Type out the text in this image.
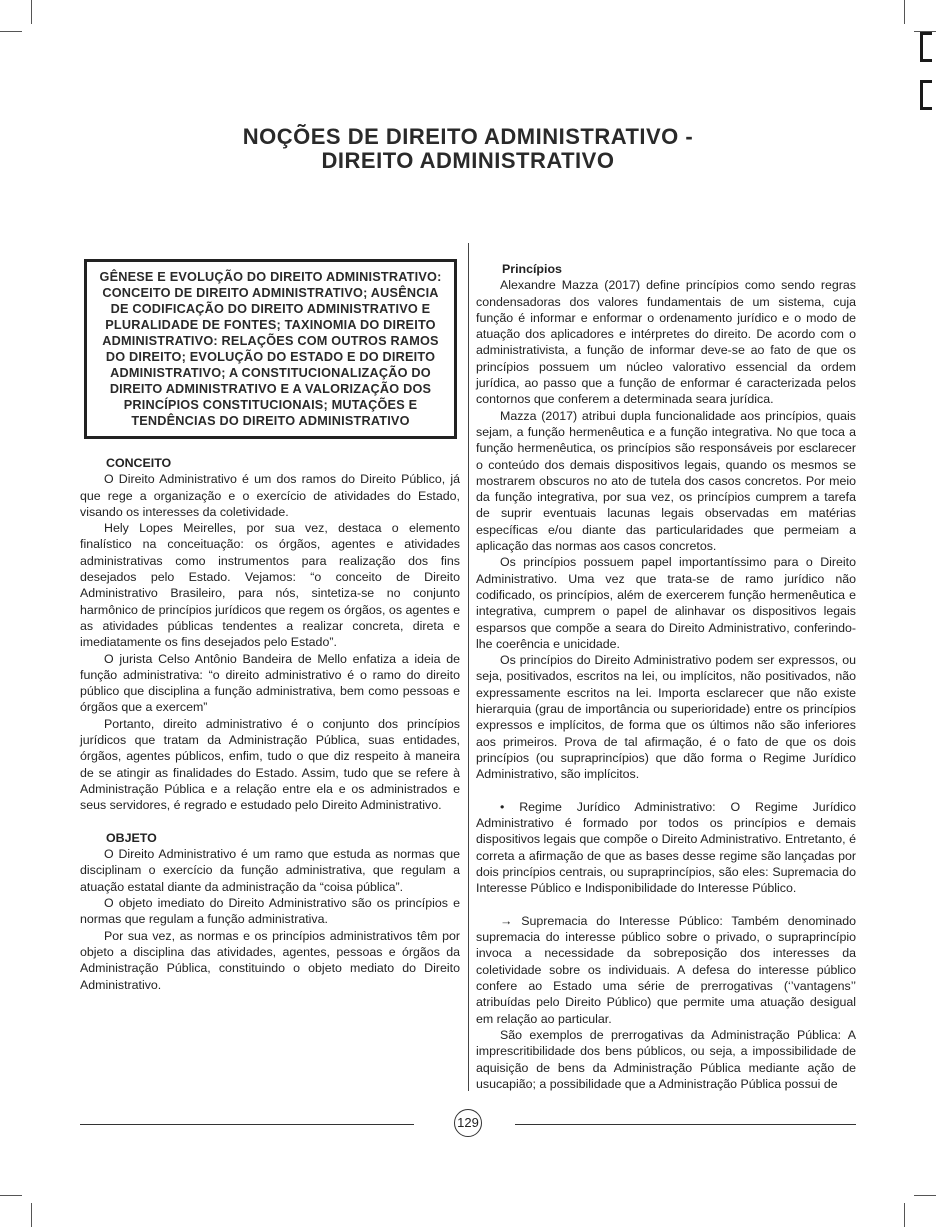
NOÇÕES DE DIREITO ADMINISTRATIVO -
DIREITO ADMINISTRATIVO
GÊNESE E EVOLUÇÃO DO DIREITO ADMINISTRATIVO: CONCEITO DE DIREITO ADMINISTRATIVO; AUSÊNCIA DE CODIFICAÇÃO DO DIREITO ADMINISTRATIVO E PLURALIDADE DE FONTES; TAXINOMIA DO DIREITO ADMINISTRATIVO: RELAÇÕES COM OUTROS RAMOS DO DIREITO; EVOLUÇÃO DO ESTADO E DO DIREITO ADMINISTRATIVO; A CONSTITUCIONALIZAÇÃO DO DIREITO ADMINISTRATIVO E A VALORIZAÇÃO DOS PRINCÍPIOS CONSTITUCIONAIS; MUTAÇÕES E TENDÊNCIAS DO DIREITO ADMINISTRATIVO

CONCEITO

O Direito Administrativo é um dos ramos do Direito Público, já que rege a organização e o exercício de atividades do Estado, visando os interesses da coletividade.

Hely Lopes Meirelles, por sua vez, destaca o elemento finalístico na conceituação: os órgãos, agentes e atividades administrativas como instrumentos para realização dos fins desejados pelo Estado. Vejamos: “o conceito de Direito Administrativo Brasileiro, para nós, sintetiza-se no conjunto harmônico de princípios jurídicos que regem os órgãos, os agentes e as atividades públicas tendentes a realizar concreta, direta e imediatamente os fins desejados pelo Estado”.

O jurista Celso Antônio Bandeira de Mello enfatiza a ideia de função administrativa: “o direito administrativo é o ramo do direito público que disciplina a função administrativa, bem como pessoas e órgãos que a exercem”

Portanto, direito administrativo é o conjunto dos princípios jurídicos que tratam da Administração Pública, suas entidades, órgãos, agentes públicos, enfim, tudo o que diz respeito à maneira de se atingir as finalidades do Estado. Assim, tudo que se refere à Administração Pública e a relação entre ela e os administrados e seus servidores, é regrado e estudado pelo Direito Administrativo.

OBJETO

O Direito Administrativo é um ramo que estuda as normas que disciplinam o exercício da função administrativa, que regulam a atuação estatal diante da administração da “coisa pública”.

O objeto imediato do Direito Administrativo são os princípios e normas que regulam a função administrativa.

Por sua vez, as normas e os princípios administrativos têm por objeto a disciplina das atividades, agentes, pessoas e órgãos da Administração Pública, constituindo o objeto mediato do Direito Administrativo.

Princípios

Alexandre Mazza (2017) define princípios como sendo regras condensadoras dos valores fundamentais de um sistema, cuja função é informar e enformar o ordenamento jurídico e o modo de atuação dos aplicadores e intérpretes do direito. De acordo com o administrativista, a função de informar deve-se ao fato de que os princípios possuem um núcleo valorativo essencial da ordem jurídica, ao passo que a função de enformar é caracterizada pelos contornos que conferem a determinada seara jurídica.

Mazza (2017) atribui dupla funcionalidade aos princípios, quais sejam, a função hermenêutica e a função integrativa. No que toca a função hermenêutica, os princípios são responsáveis por esclarecer o conteúdo dos demais dispositivos legais, quando os mesmos se mostrarem obscuros no ato de tutela dos casos concretos. Por meio da função integrativa, por sua vez, os princípios cumprem a tarefa de suprir eventuais lacunas legais observadas em matérias específicas e/ou diante das particularidades que permeiam a aplicação das normas aos casos concretos.

Os princípios possuem papel importantíssimo para o Direito Administrativo. Uma vez que trata-se de ramo jurídico não codificado, os princípios, além de exercerem função hermenêutica e integrativa, cumprem o papel de alinhavar os dispositivos legais esparsos que compõe a seara do Direito Administrativo, conferindo-lhe coerência e unicidade.

Os princípios do Direito Administrativo podem ser expressos, ou seja, positivados, escritos na lei, ou implícitos, não positivados, não expressamente escritos na lei. Importa esclarecer que não existe hierarquia (grau de importância ou superioridade) entre os princípios expressos e implícitos, de forma que os últimos não são inferiores aos primeiros. Prova de tal afirmação, é o fato de que os dois princípios (ou supraprincípios) que dão forma o Regime Jurídico Administrativo, são implícitos.

• Regime Jurídico Administrativo: O Regime Jurídico Administrativo é formado por todos os princípios e demais dispositivos legais que compõe o Direito Administrativo. Entretanto, é correta a afirmação de que as bases desse regime são lançadas por dois princípios centrais, ou supraprincípios, são eles: Supremacia do Interesse Público e Indisponibilidade do Interesse Público.

→ Supremacia do Interesse Público: Também denominado supremacia do interesse público sobre o privado, o supraprincípio invoca a necessidade da sobreposição dos interesses da coletividade sobre os individuais. A defesa do interesse público confere ao Estado uma série de prerrogativas (‘’vantagens’’ atribuídas pelo Direito Público) que permite uma atuação desigual em relação ao particular.

São exemplos de prerrogativas da Administração Pública: A imprescritibilidade dos bens públicos, ou seja, a impossibilidade de aquisição de bens da Administração Pública mediante ação de usucapião; a possibilidade que a Administração Pública possui de

129
